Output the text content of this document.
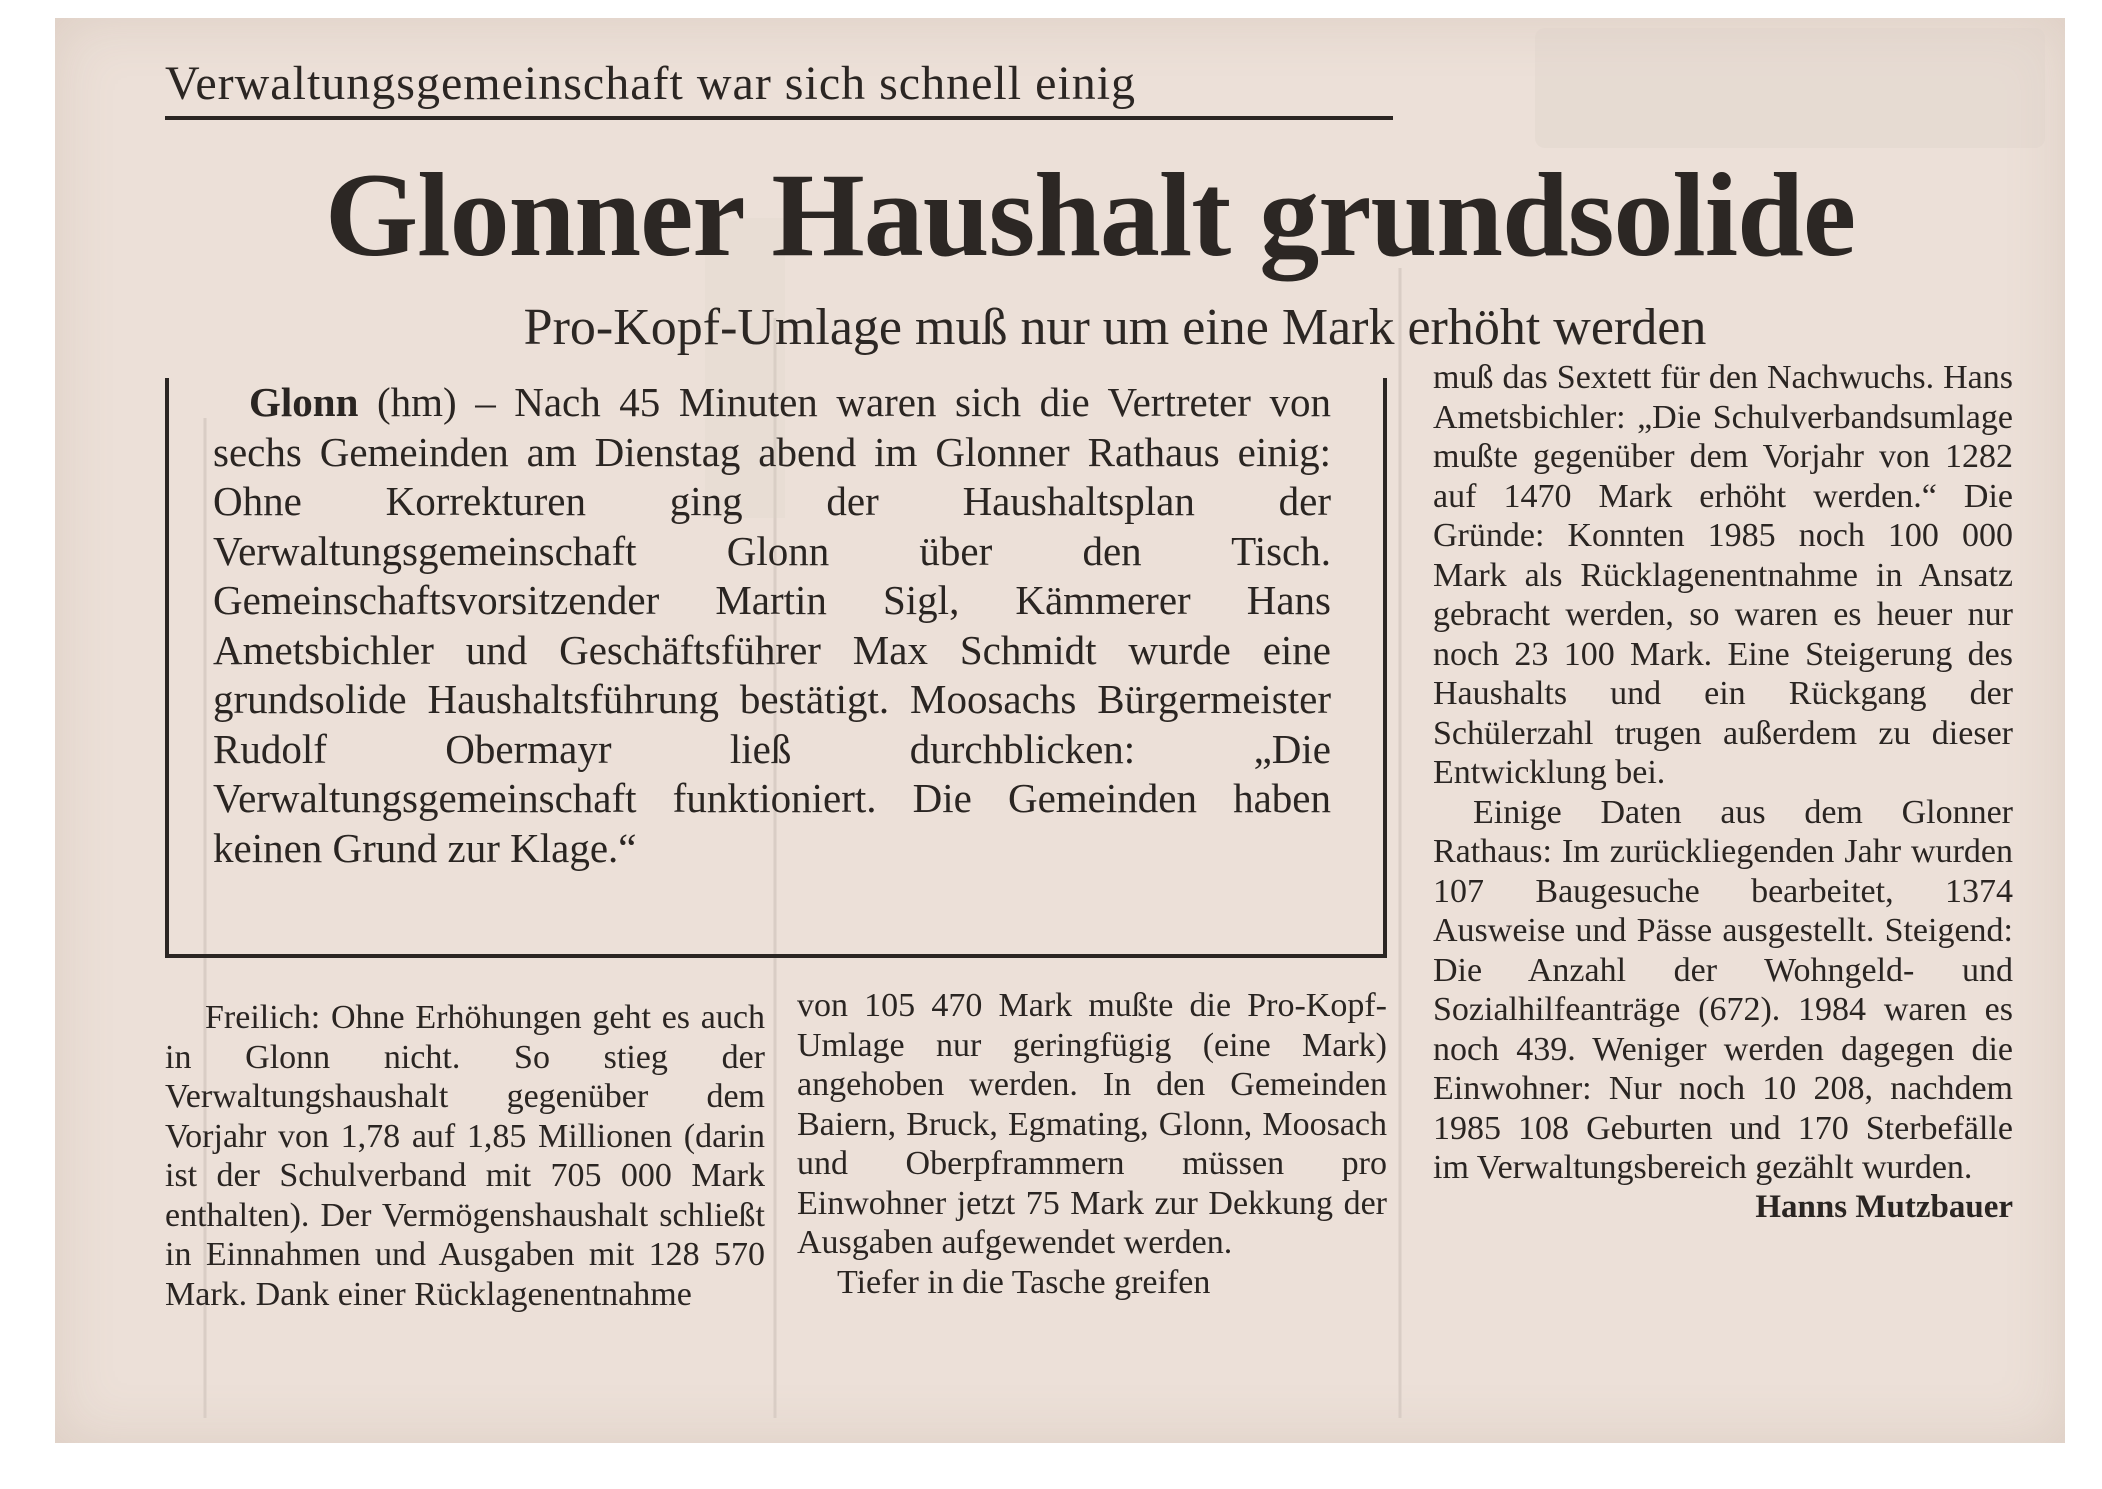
Verwaltungsgemeinschaft war sich schnell einig
Glonner Haushalt grundsolide
Pro-Kopf-Umlage muß nur um eine Mark erhöht werden

Glonn (hm) – Nach 45 Minuten waren sich die Vertreter von sechs Gemeinden am Dienstag abend im Glonner Rathaus einig: Ohne Korrekturen ging der Haushaltsplan der Verwaltungsgemeinschaft Glonn über den Tisch. Gemeinschaftsvorsitzender Martin Sigl, Kämmerer Hans Ametsbichler und Geschäftsführer Max Schmidt wurde eine grundsolide Haushaltsführung bestätigt. Moosachs Bürgermeister Rudolf Obermayr ließ durchblicken: „Die Verwaltungsgemeinschaft funktioniert. Die Gemeinden haben keinen Grund zur Klage.“

Freilich: Ohne Erhöhungen geht es auch in Glonn nicht. So stieg der Verwaltungshaushalt gegenüber dem Vorjahr von 1,78 auf 1,85 Millionen (darin ist der Schulverband mit 705 000 Mark enthalten). Der Vermögenshaushalt schließt in Einnahmen und Ausgaben mit 128 570 Mark. Dank einer Rücklagenentnahme

von 105 470 Mark mußte die Pro-Kopf-Umlage nur geringfügig (eine Mark) angehoben werden. In den Gemeinden Baiern, Bruck, Egmating, Glonn, Moosach und Oberpframmern müssen pro Einwohner jetzt 75 Mark zur Dekkung der Ausgaben aufgewendet werden.

Tiefer in die Tasche greifen

muß das Sextett für den Nachwuchs. Hans Ametsbichler: „Die Schulverbandsumlage mußte gegenüber dem Vorjahr von 1282 auf 1470 Mark erhöht werden.“ Die Gründe: Konnten 1985 noch 100 000 Mark als Rücklagenentnahme in Ansatz gebracht werden, so waren es heuer nur noch 23 100 Mark. Eine Steigerung des Haushalts und ein Rückgang der Schülerzahl trugen außerdem zu dieser Entwicklung bei.

Einige Daten aus dem Glonner Rathaus: Im zurückliegenden Jahr wurden 107 Baugesuche bearbeitet, 1374 Ausweise und Pässe ausgestellt. Steigend: Die Anzahl der Wohngeld- und Sozialhilfeanträge (672). 1984 waren es noch 439. Weniger werden dagegen die Einwohner: Nur noch 10 208, nachdem 1985 108 Geburten und 170 Sterbefälle im Verwaltungsbereich gezählt wurden.
Hanns Mutzbauer
